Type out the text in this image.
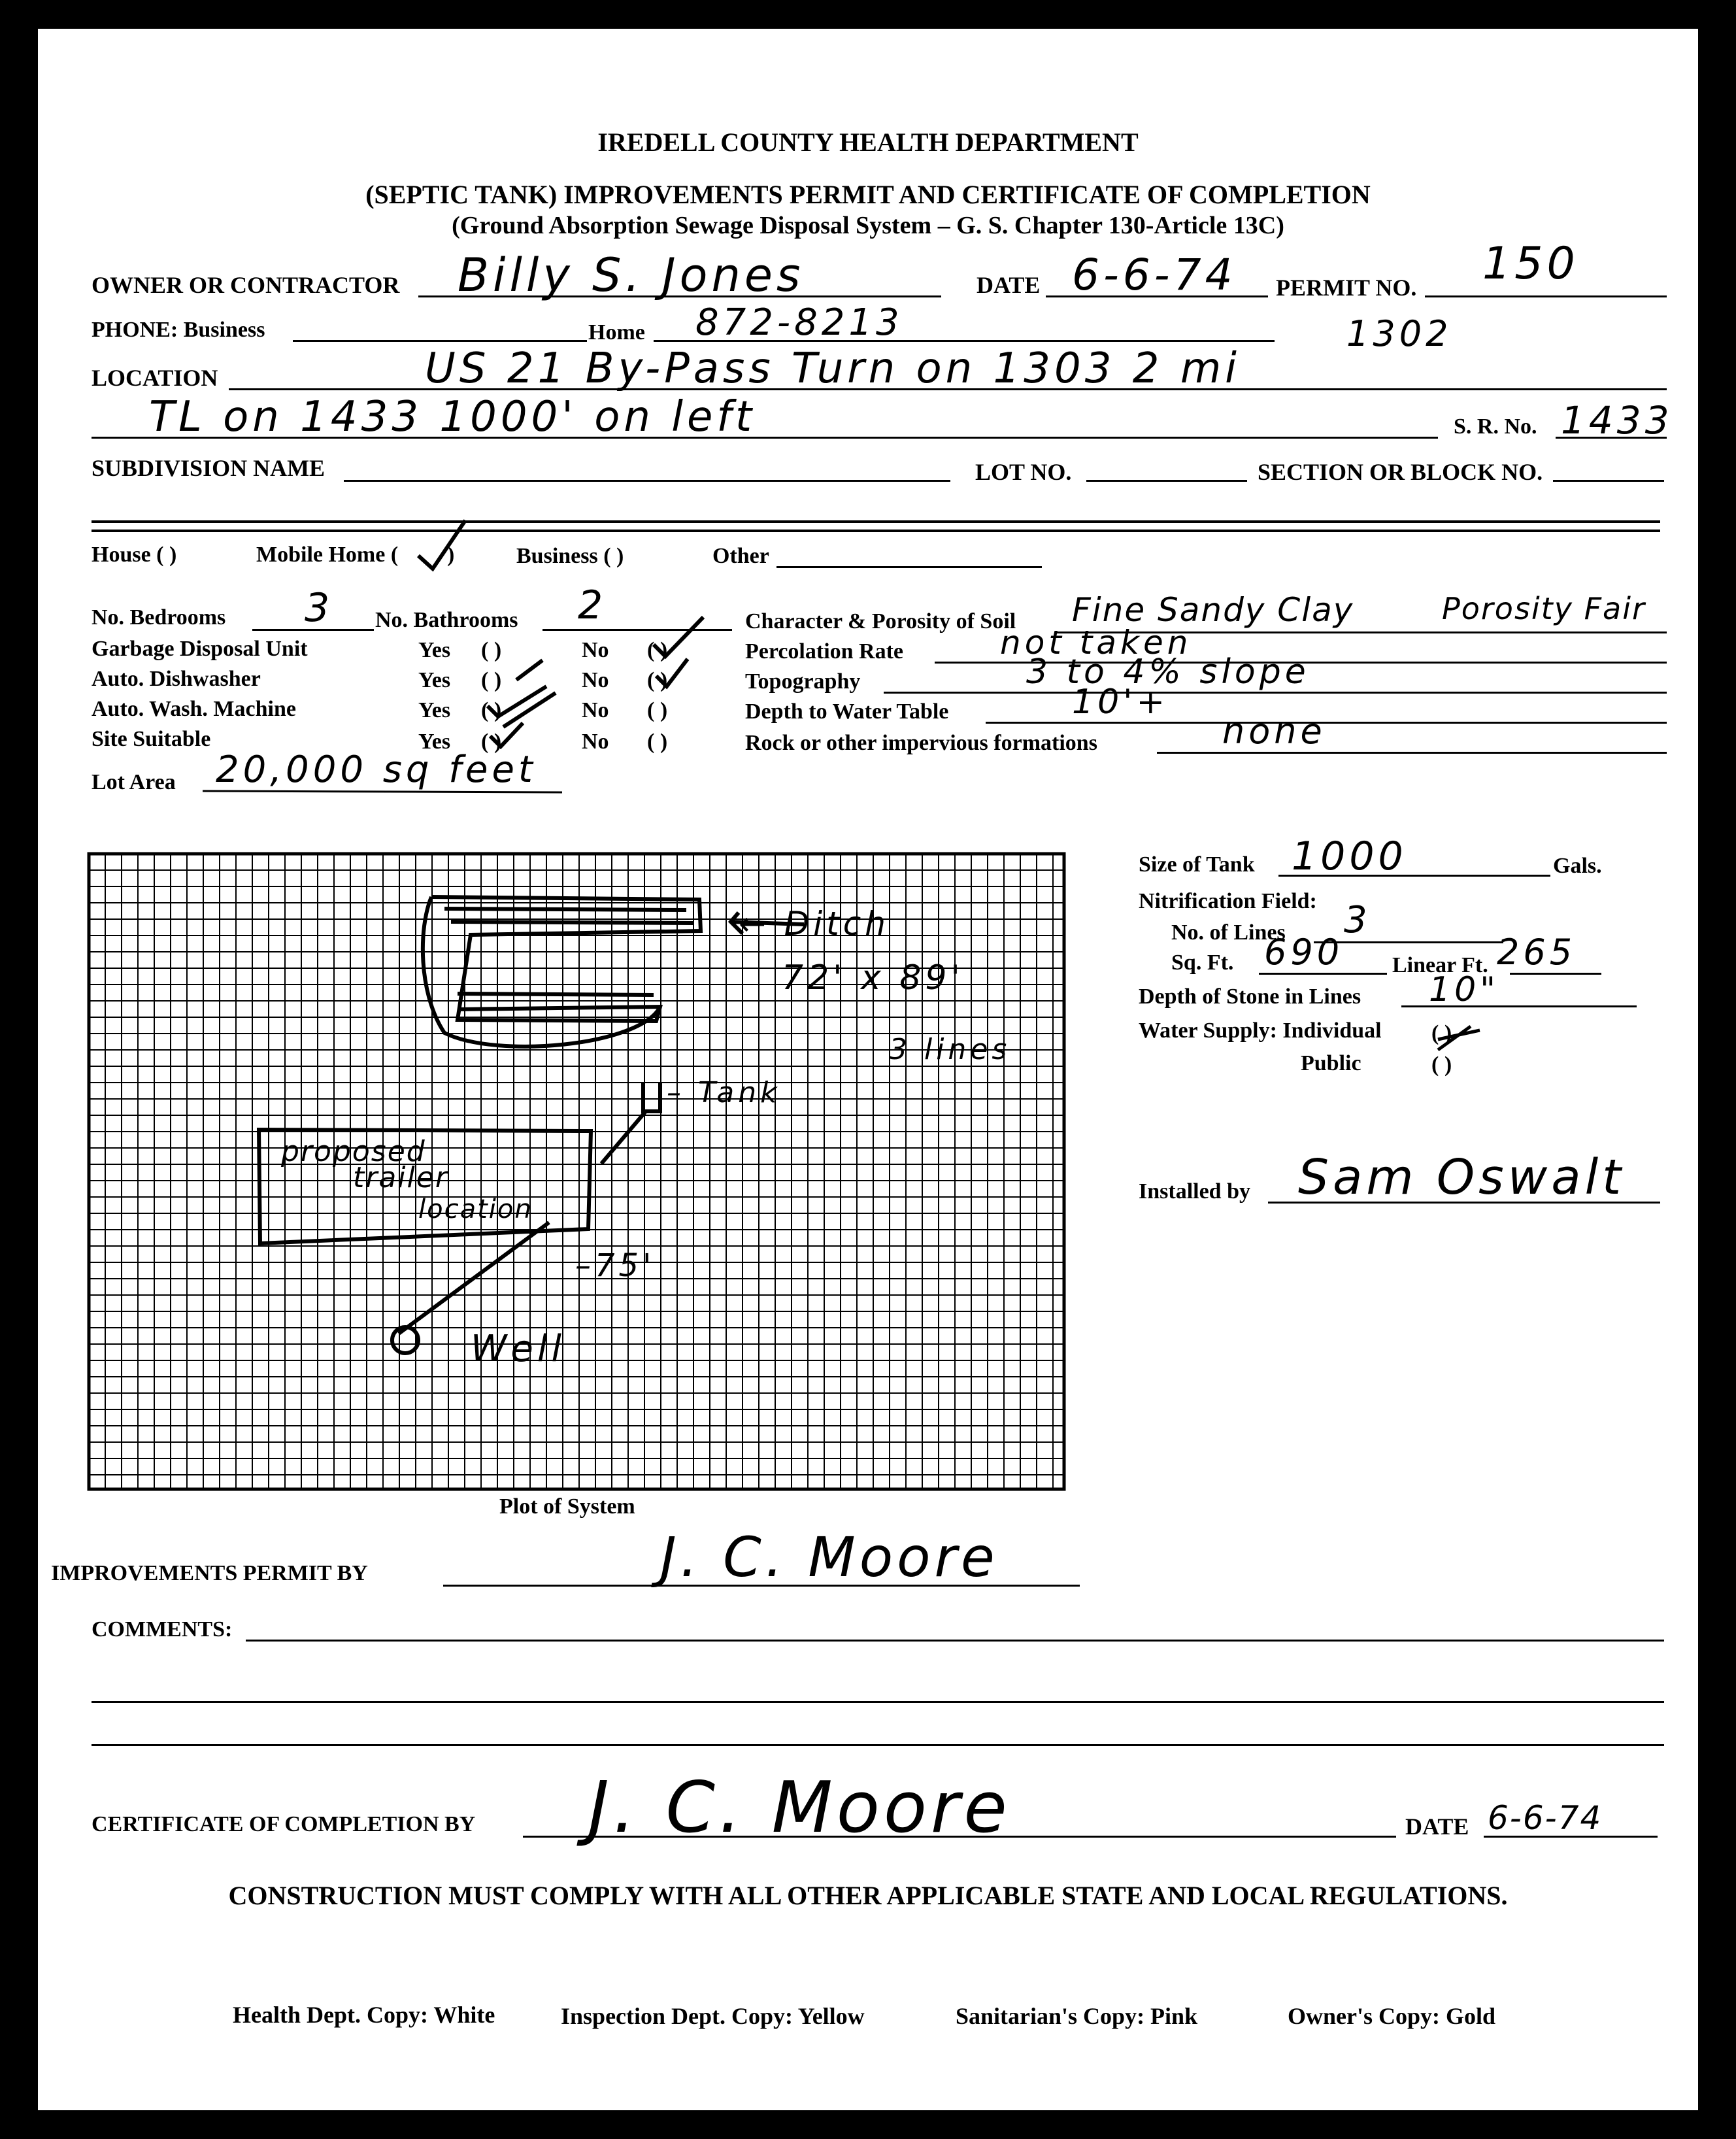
IREDELL COUNTY HEALTH DEPARTMENT
(SEPTIC TANK) IMPROVEMENTS PERMIT AND CERTIFICATE OF COMPLETION
(Ground Absorption Sewage Disposal System – G. S. Chapter 130-Article 13C)
OWNER OR CONTRACTOR Billy S. Jones	DATE 6-6-74 PERMIT NO. 150
PHONE: Business	Home 872-8213	1302
LOCATION	US 21 By-Pass Turn on 1303 2 mi
TL on 1433 1000' on left	S. R. No. 1433
SUBDIVISION NAME	LOT NO.	SECTION OR BLOCK NO.
House ( )	Mobile Home ( )	Business ( )	Other
No. Bedrooms 3 No. Bathrooms 2
Garbage Disposal Unit	Yes ( )	No ( )
Auto. Dishwasher	Yes ( )	No ( )
Auto. Wash. Machine	Yes ( )	No ( )
Site Suitable	Yes ( )	No ( )
Lot Area 20,000 sq feet
Character & Porosity of Soil Fine Sandy Clay	Porosity Fair
Percolation Rate	not taken
Topography	3 to 4% slope
Depth to Water Table	10'+
Rock or other impervious formations	none
← Ditch
72' x 89'
3 lines
– Tank
proposed
trailer
location
–75'
Well
Plot of System
Size of Tank 1000	Gals.
Nitrification Field:
No. of Lines 3
Sq. Ft. 690 Linear Ft. 265
Depth of Stone in Lines 10"
Water Supply: Individual ( )
Public	( )
Installed by Sam Oswalt
IMPROVEMENTS PERMIT BY	J. C. Moore
COMMENTS:
CERTIFICATE OF COMPLETION BY J. C. Moore	DATE 6-6-74
CONSTRUCTION MUST COMPLY WITH ALL OTHER APPLICABLE STATE AND LOCAL REGULATIONS.
Health Dept. Copy: White	Inspection Dept. Copy: Yellow	Sanitarian's Copy: Pink	Owner's Copy: Gold
